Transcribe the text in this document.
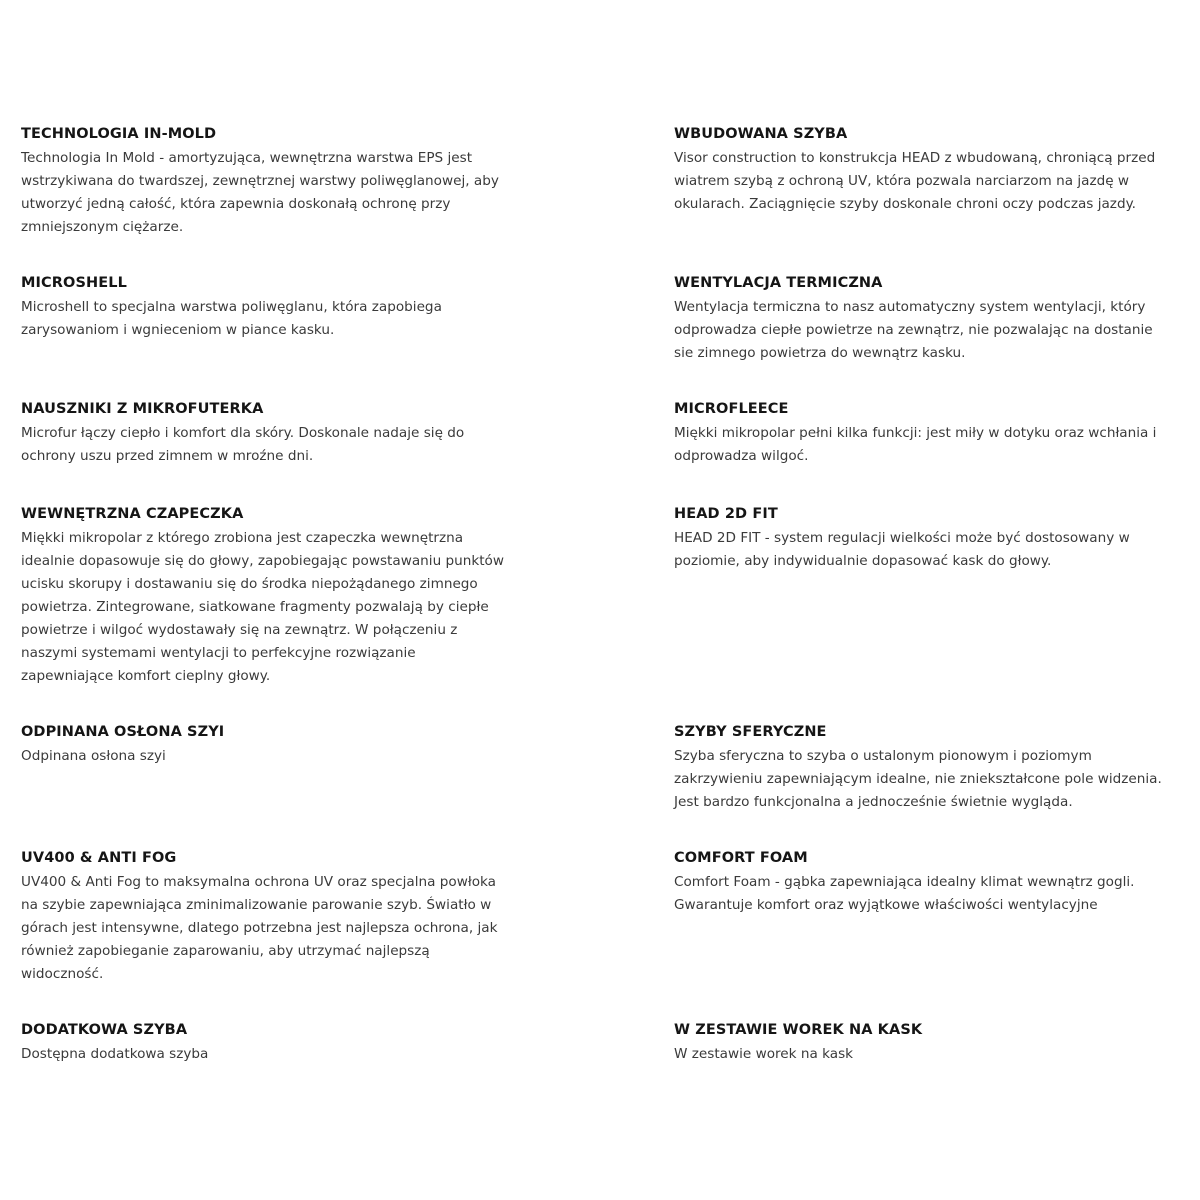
TECHNOLOGIA IN-MOLD

Technologia In Mold - amortyzująca, wewnętrzna warstwa EPS jest wstrzykiwana do twardszej, zewnętrznej warstwy poliwęglanowej, aby utworzyć jedną całość, która zapewnia doskonałą ochronę przy zmniejszonym ciężarze.

WBUDOWANA SZYBA

Visor construction to konstrukcja HEAD z wbudowaną, chroniącą przed wiatrem szybą z ochroną UV, która pozwala narciarzom na jazdę w okularach. Zaciągnięcie szyby doskonale chroni oczy podczas jazdy.

MICROSHELL

Microshell to specjalna warstwa poliwęglanu, która zapobiega zarysowaniom i wgnieceniom w piance kasku.

WENTYLACJA TERMICZNA

Wentylacja termiczna to nasz automatyczny system wentylacji, który odprowadza ciepłe powietrze na zewnątrz, nie pozwalając na dostanie sie zimnego powietrza do wewnątrz kasku.

NAUSZNIKI Z MIKROFUTERKA

Microfur łączy ciepło i komfort dla skóry. Doskonale nadaje się do ochrony uszu przed zimnem w mroźne dni.

MICROFLEECE

Miękki mikropolar pełni kilka funkcji: jest miły w dotyku oraz wchłania i odprowadza wilgoć.

WEWNĘTRZNA CZAPECZKA

Miękki mikropolar z którego zrobiona jest czapeczka wewnętrzna idealnie dopasowuje się do głowy, zapobiegając powstawaniu punktów ucisku skorupy i dostawaniu się do środka niepożądanego zimnego powietrza. Zintegrowane, siatkowane fragmenty pozwalają by ciepłe powietrze i wilgoć wydostawały się na zewnątrz. W połączeniu z naszymi systemami wentylacji to perfekcyjne rozwiązanie zapewniające komfort cieplny głowy.

HEAD 2D FIT

HEAD 2D FIT - system regulacji wielkości może być dostosowany w poziomie, aby indywidualnie dopasować kask do głowy.

ODPINANA OSŁONA SZYI

Odpinana osłona szyi

SZYBY SFERYCZNE

Szyba sferyczna to szyba o ustalonym pionowym i poziomym zakrzywieniu zapewniającym idealne, nie zniekształcone pole widzenia. Jest bardzo funkcjonalna a jednocześnie świetnie wygląda.

UV400 & ANTI FOG

UV400 & Anti Fog to maksymalna ochrona UV oraz specjalna powłoka na szybie zapewniająca zminimalizowanie parowanie szyb. Światło w górach jest intensywne, dlatego potrzebna jest najlepsza ochrona, jak również zapobieganie zaparowaniu, aby utrzymać najlepszą widoczność.

COMFORT FOAM

Comfort Foam - gąbka zapewniająca idealny klimat wewnątrz gogli. Gwarantuje komfort oraz wyjątkowe właściwości wentylacyjne

DODATKOWA SZYBA

Dostępna dodatkowa szyba

W ZESTAWIE WOREK NA KASK

W zestawie worek na kask
